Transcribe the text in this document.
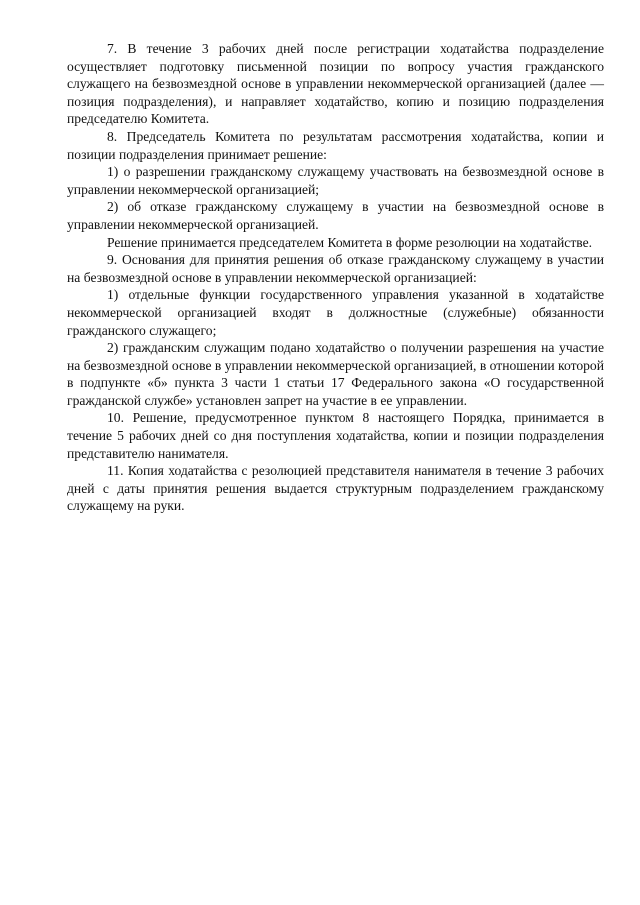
7. В течение 3 рабочих дней после регистрации ходатайства подразделение осуществляет подготовку письменной позиции по вопросу участия гражданского служащего на безвозмездной основе в управлении некоммерческой организацией (далее — позиция подразделения), и направляет ходатайство, копию и позицию подразделения председателю Комитета.

8. Председатель Комитета по результатам рассмотрения ходатайства, копии и позиции подразделения принимает решение:

1) о разрешении гражданскому служащему участвовать на безвозмездной основе в управлении некоммерческой организацией;

2) об отказе гражданскому служащему в участии на безвозмездной основе в управлении некоммерческой организацией.

Решение принимается председателем Комитета в форме резолюции на ходатайстве.

9. Основания для принятия решения об отказе гражданскому служащему в участии на безвозмездной основе в управлении некоммерческой организацией:

1) отдельные функции государственного управления указанной в ходатайстве некоммерческой организацией входят в должностные (служебные) обязанности гражданского служащего;

2) гражданским служащим подано ходатайство о получении разрешения на участие на безвозмездной основе в управлении некоммерческой организацией, в отношении которой в подпункте «б» пункта 3 части 1 статьи 17 Федерального закона «О государственной гражданской службе» установлен запрет на участие в ее управлении.

10. Решение, предусмотренное пунктом 8 настоящего Порядка, принимается в течение 5 рабочих дней со дня поступления ходатайства, копии и позиции подразделения представителю нанимателя.

11. Копия ходатайства с резолюцией представителя нанимателя в течение 3 рабочих дней с даты принятия решения выдается структурным подразделением гражданскому служащему на руки.
